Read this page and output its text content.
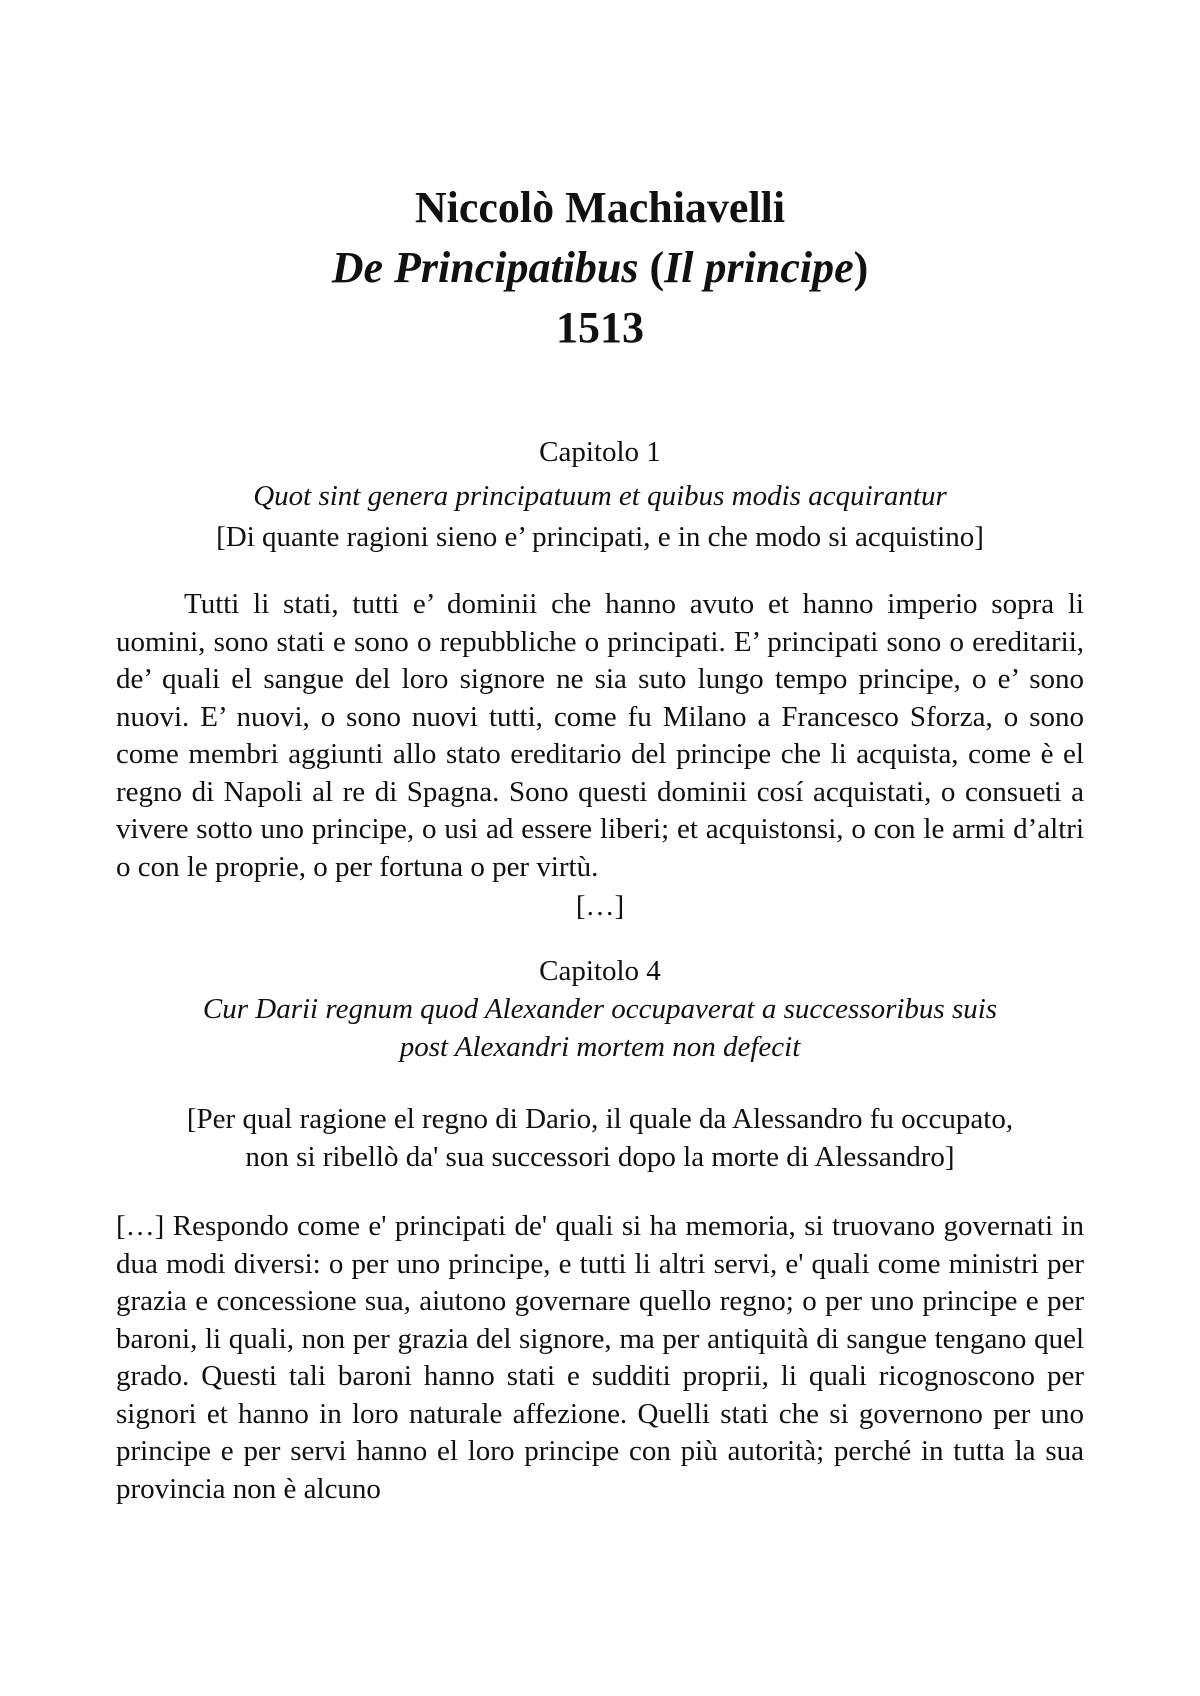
Niccolò Machiavelli
De Principatibus (Il principe)
1513
Capitolo 1
Quot sint genera principatuum et quibus modis acquirantur
[Di quante ragioni sieno e’ principati, e in che modo si acquistino]

Tutti li stati, tutti e’ dominii che hanno avuto et hanno imperio sopra li uomini, sono stati e sono o repubbliche o principati. E’ principati sono o ereditarii, de’ quali el sangue del loro signore ne sia suto lungo tempo principe, o e’ sono nuovi. E’ nuovi, o sono nuovi tutti, come fu Milano a Francesco Sforza, o sono come membri aggiunti allo stato ereditario del principe che li acquista, come è el regno di Napoli al re di Spagna. Sono questi dominii cosí acquistati, o consueti a vivere sotto uno principe, o usi ad essere liberi; et acquistonsi, o con le armi d’altri o con le proprie, o per fortuna o per virtù.

[…]
Capitolo 4
Cur Darii regnum quod Alexander occupaverat a successoribus suis
post Alexandri mortem non defecit
[Per qual ragione el regno di Dario, il quale da Alessandro fu occupato,
non si ribellò da' sua successori dopo la morte di Alessandro]

[…] Respondo come e' principati de' quali si ha memoria, si truovano governati in dua modi diversi: o per uno principe, e tutti li altri servi, e' quali come ministri per grazia e concessione sua, aiutono governare quello regno; o per uno principe e per baroni, li quali, non per grazia del signore, ma per antiquità di sangue tengano quel grado. Questi tali baroni hanno stati e sudditi proprii, li quali ricognoscono per signori et hanno in loro naturale affezione. Quelli stati che si governono per uno principe e per servi hanno el loro principe con più autorità; perché in tutta la sua provincia non è alcuno
